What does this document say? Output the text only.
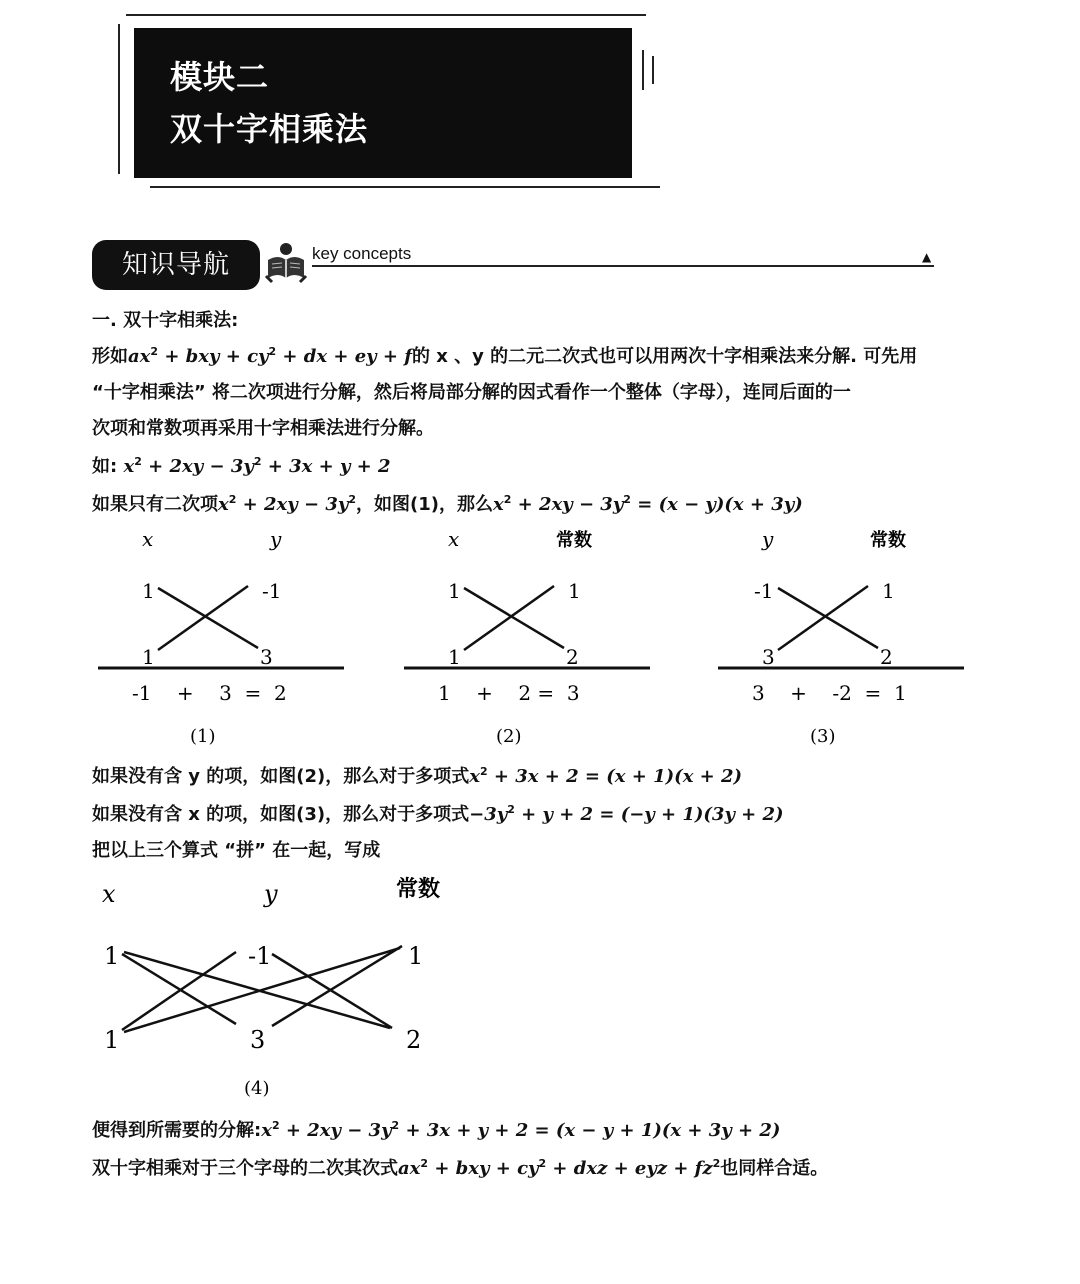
模块二
双十字相乘法
知识导航	key concepts	▲
一. 双十字相乘法:
形如$ax^2$ + bxy + $cy^2$ + dx + ey + f的 x 、y 的二元二次式也可以用两次十字相乘法来分解. 可先用
“十字相乘法” 将二次项进行分解，然后将局部分解的因式看作一个整体（字母），连同后面的一
次项和常数项再采用十字相乘法进行分解。
如: $x^2 + 2xy - 3y^2 + 3x + y + 2$
如果只有二次项$x^2 + 2xy - 3y^2$，如图(1)，那么$x^2 + 2xy - 3y^2 = (x - y)(x + 3y)$
x	y
1	-1
1	3
-1    +    3  =  2
(1)
x	常数
1	1
1	2
1    +    2 =  3
(2)
y	常数
-1	1
3	2
3    +    -2  =  1
(3)
x	y	常数
1	-1	1
1	3	2
(4)
如果没有含 y 的项，如图(2)，那么对于多项式$x^2 + 3x + 2 = (x + 1)(x + 2)$
如果没有含 x 的项，如图(3)，那么对于多项式$-3y^2 + y + 2 = (-y + 1)(3y + 2)$
把以上三个算式 “拼” 在一起，写成
便得到所需要的分解$:x^2 + 2xy - 3y^2 + 3x + y + 2 = (x - y + 1)(x + 3y + 2)$
双十字相乘对于三个字母的二次其次式$ax^2$ + bxy + $cy^2$ + dxz + eyz + $fz^2$也同样合适。
